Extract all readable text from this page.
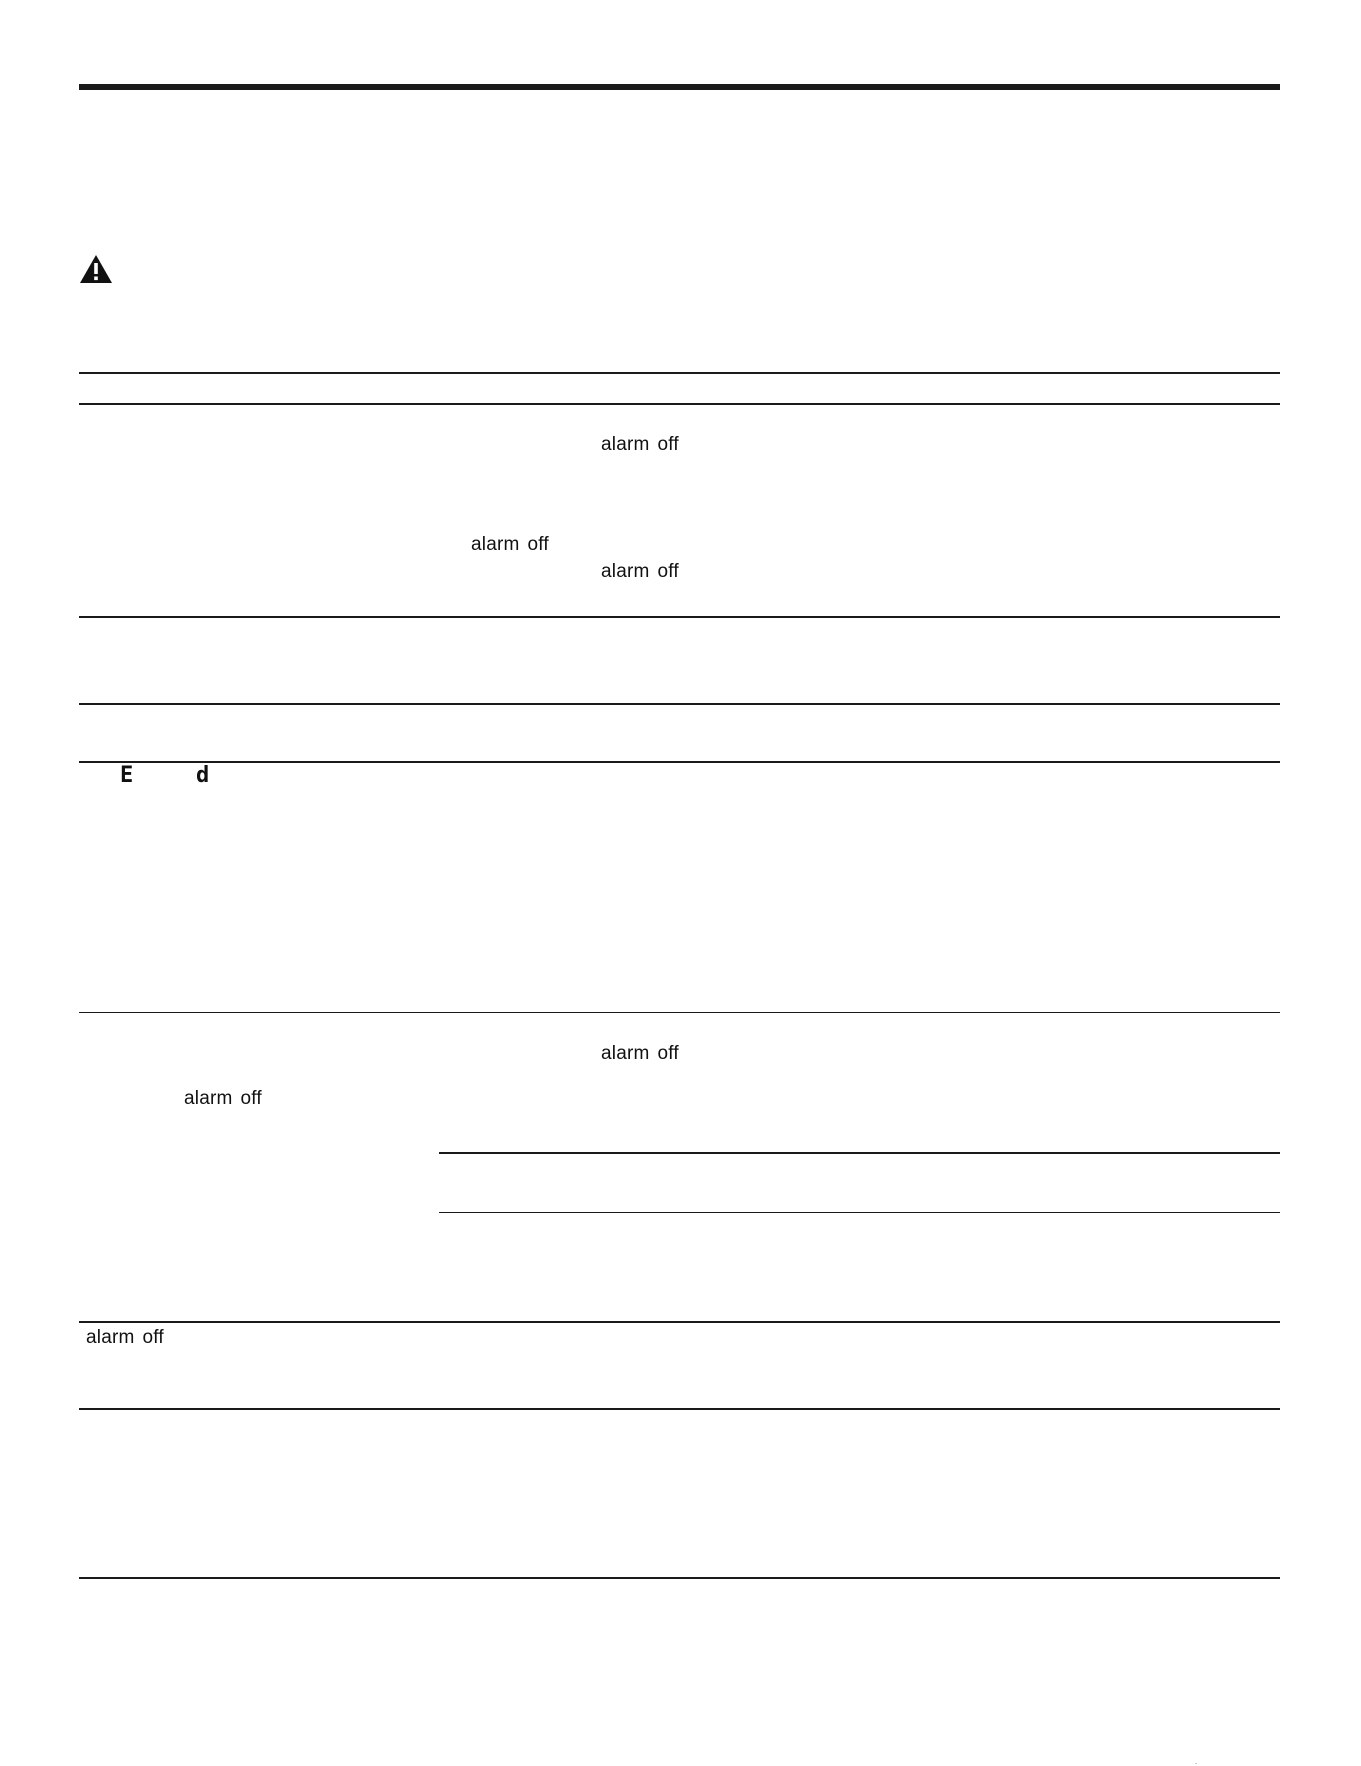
alarm off
alarm off
alarm off
E	d
alarm off
alarm off
alarm off
.
